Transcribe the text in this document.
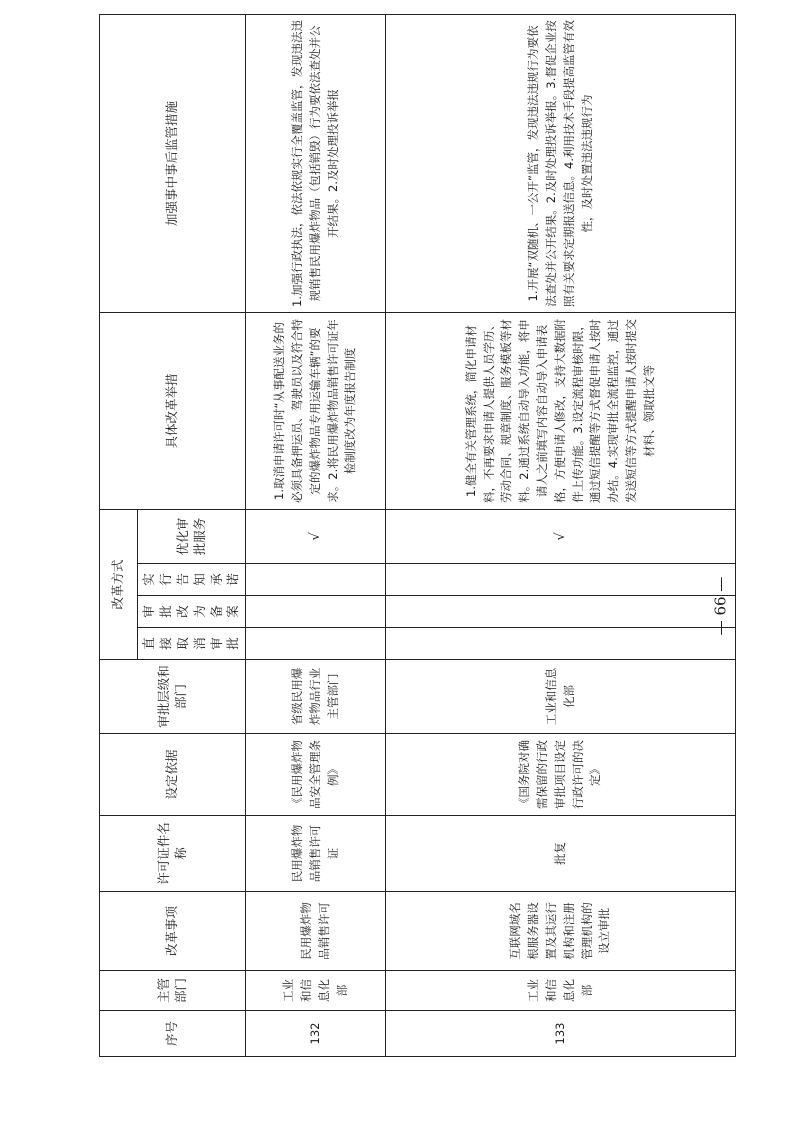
序号	主管部门	改革事项	许可证件名称	设定依据	审批层级和部门	改革方式				具体改革举措	加强事中事后监管措施
						直接取消审批	审批改为备案	实行告知承诺	优化审批服务		
132	工业和信息化部	民用爆炸物品销售许可	民用爆炸物品销售许可证	《民用爆炸物品安全管理条例》	省级民用爆炸物品行业主管部门				√	1.取消申请许可时“从事配送业务的必须具备押运员、驾驶员以及符合特定的爆炸物品专用运输车辆”的要求。2.将民用爆炸物品销售许可证年检制度改为年度报告制度	1.加强行政执法，依法依规实行全覆盖监管，发现违法违规销售民用爆炸物品（包括销毁）行为要依法查处并公开结果。2.及时处理投诉举报
133	工业和信息化部	互联网域名根服务器设置及其运行机构和注册管理机构的设立审批	批复	《国务院对确需保留的行政审批项目设定行政许可的决定》	工业和信息化部				√	1.健全有关管理系统，简化申请材料，不再要求申请人提供人员学历、劳动合同、规章制度、服务模板等材料。2.通过系统自动导入功能，将申请人之前填写内容自动导入申请表格，方便申请人修改，支持大数据附件上传功能。3.设定流程审核时限，通过短信提醒等方式督促申请人按时办结。4.实现审批全流程监控，通过发送短信等方式提醒申请人按时提交材料、领取批文等	1.开展“双随机、一公开”监管，发现违法违规行为要依法查处并公开结果。2.及时处理投诉举报。3.督促企业按照有关要求定期报送信息。4.利用技术手段提高监管有效性，及时处置违法违规行为
— 66 —
